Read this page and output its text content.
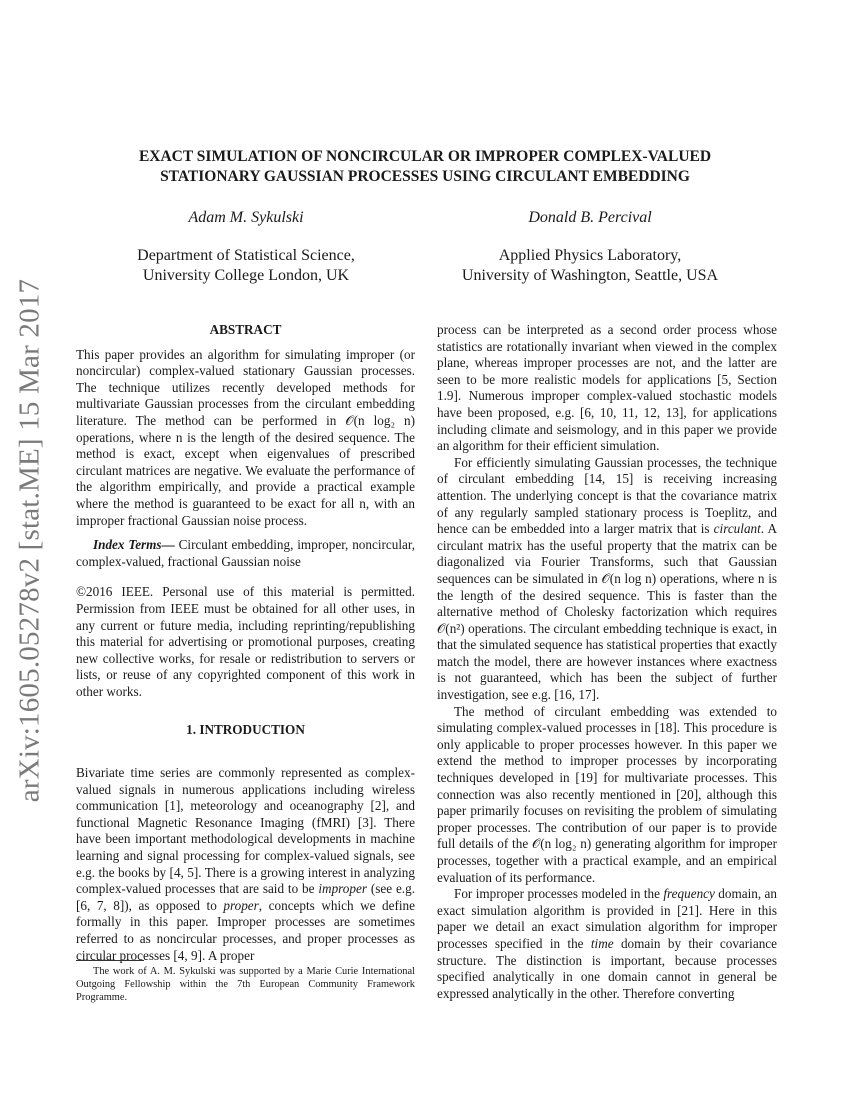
arXiv:1605.05278v2 [stat.ME] 15 Mar 2017
EXACT SIMULATION OF NONCIRCULAR OR IMPROPER COMPLEX-VALUED
STATIONARY GAUSSIAN PROCESSES USING CIRCULANT EMBEDDING
Adam M. Sykulski
Department of Statistical Science,
University College London, UK
Donald B. Percival
Applied Physics Laboratory,
University of Washington, Seattle, USA

ABSTRACT

This paper provides an algorithm for simulating improper (or noncircular) complex-valued stationary Gaussian processes. The technique utilizes recently developed methods for multivariate Gaussian processes from the circulant embedding literature. The method can be performed in 𝒪(n log₂ n) operations, where n is the length of the desired sequence. The method is exact, except when eigenvalues of prescribed circulant matrices are negative. We evaluate the performance of the algorithm empirically, and provide a practical example where the method is guaranteed to be exact for all n, with an improper fractional Gaussian noise process.

Index Terms— Circulant embedding, improper, noncircular, complex-valued, fractional Gaussian noise

©2016 IEEE. Personal use of this material is permitted. Permission from IEEE must be obtained for all other uses, in any current or future media, including reprinting/republishing this material for advertising or promotional purposes, creating new collective works, for resale or redistribution to servers or lists, or reuse of any copyrighted component of this work in other works.

1. INTRODUCTION

Bivariate time series are commonly represented as complex-valued signals in numerous applications including wireless communication [1], meteorology and oceanography [2], and functional Magnetic Resonance Imaging (fMRI) [3]. There have been important methodological developments in machine learning and signal processing for complex-valued signals, see e.g. the books by [4, 5]. There is a growing interest in analyzing complex-valued processes that are said to be improper (see e.g. [6, 7, 8]), as opposed to proper, concepts which we define formally in this paper. Improper processes are sometimes referred to as noncircular processes, and proper processes as circular processes [4, 9]. A proper

The work of A. M. Sykulski was supported by a Marie Curie International Outgoing Fellowship within the 7th European Community Framework Programme.

process can be interpreted as a second order process whose statistics are rotationally invariant when viewed in the complex plane, whereas improper processes are not, and the latter are seen to be more realistic models for applications [5, Section 1.9]. Numerous improper complex-valued stochastic models have been proposed, e.g. [6, 10, 11, 12, 13], for applications including climate and seismology, and in this paper we provide an algorithm for their efficient simulation.

For efficiently simulating Gaussian processes, the technique of circulant embedding [14, 15] is receiving increasing attention. The underlying concept is that the covariance matrix of any regularly sampled stationary process is Toeplitz, and hence can be embedded into a larger matrix that is circulant. A circulant matrix has the useful property that the matrix can be diagonalized via Fourier Transforms, such that Gaussian sequences can be simulated in 𝒪(n log n) operations, where n is the length of the desired sequence. This is faster than the alternative method of Cholesky factorization which requires 𝒪(n²) operations. The circulant embedding technique is exact, in that the simulated sequence has statistical properties that exactly match the model, there are however instances where exactness is not guaranteed, which has been the subject of further investigation, see e.g. [16, 17].

The method of circulant embedding was extended to simulating complex-valued processes in [18]. This procedure is only applicable to proper processes however. In this paper we extend the method to improper processes by incorporating techniques developed in [19] for multivariate processes. This connection was also recently mentioned in [20], although this paper primarily focuses on revisiting the problem of simulating proper processes. The contribution of our paper is to provide full details of the 𝒪(n log₂ n) generating algorithm for improper processes, together with a practical example, and an empirical evaluation of its performance.

For improper processes modeled in the frequency domain, an exact simulation algorithm is provided in [21]. Here in this paper we detail an exact simulation algorithm for improper processes specified in the time domain by their covariance structure. The distinction is important, because processes specified analytically in one domain cannot in general be expressed analytically in the other. Therefore converting
